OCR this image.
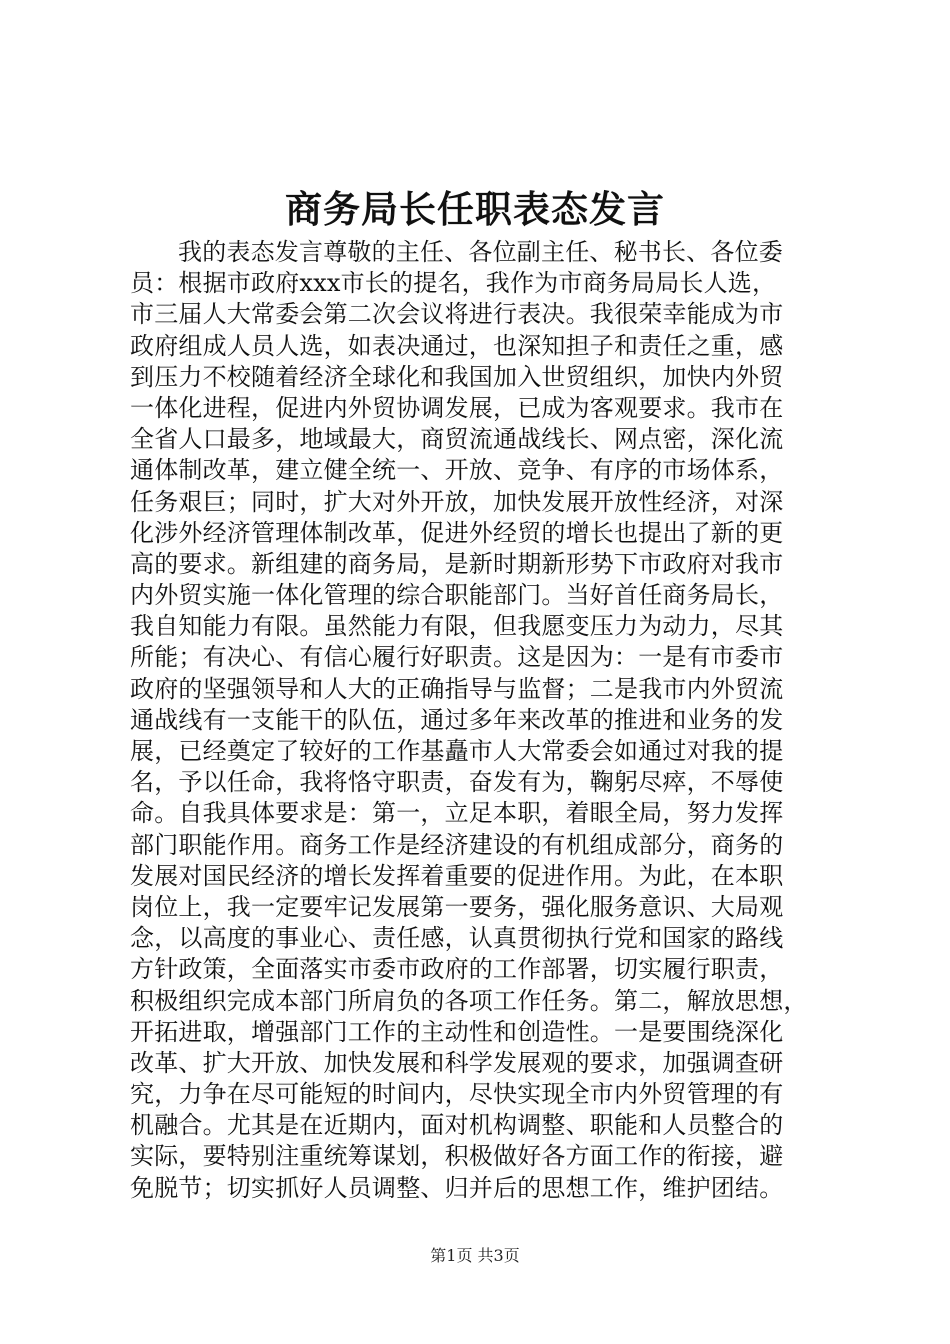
商务局长任职表态发言
我的表态发言尊敬的主任、各位副主任、秘书长、各位委
员：根据市政府xxx市长的提名，我作为市商务局局长人选，
市三届人大常委会第二次会议将进行表决。我很荣幸能成为市
政府组成人员人选，如表决通过，也深知担子和责任之重，感
到压力不校随着经济全球化和我国加入世贸组织，加快内外贸
一体化进程，促进内外贸协调发展，已成为客观要求。我市在
全省人口最多，地域最大，商贸流通战线长、网点密，深化流
通体制改革，建立健全统一、开放、竞争、有序的市场体系，
任务艰巨；同时，扩大对外开放，加快发展开放性经济，对深
化涉外经济管理体制改革，促进外经贸的增长也提出了新的更
高的要求。新组建的商务局，是新时期新形势下市政府对我市
内外贸实施一体化管理的综合职能部门。当好首任商务局长，
我自知能力有限。虽然能力有限，但我愿变压力为动力，尽其
所能；有决心、有信心履行好职责。这是因为：一是有市委市
政府的坚强领导和人大的正确指导与监督；二是我市内外贸流
通战线有一支能干的队伍，通过多年来改革的推进和业务的发
展，已经奠定了较好的工作基矗市人大常委会如通过对我的提
名，予以任命，我将恪守职责，奋发有为，鞠躬尽瘁，不辱使
命。自我具体要求是：第一，立足本职，着眼全局，努力发挥
部门职能作用。商务工作是经济建设的有机组成部分，商务的
发展对国民经济的增长发挥着重要的促进作用。为此，在本职
岗位上，我一定要牢记发展第一要务，强化服务意识、大局观
念，以高度的事业心、责任感，认真贯彻执行党和国家的路线
方针政策，全面落实市委市政府的工作部署，切实履行职责，
积极组织完成本部门所肩负的各项工作任务。第二，解放思想，
开拓进取，增强部门工作的主动性和创造性。一是要围绕深化
改革、扩大开放、加快发展和科学发展观的要求，加强调查研
究，力争在尽可能短的时间内，尽快实现全市内外贸管理的有
机融合。尤其是在近期内，面对机构调整、职能和人员整合的
实际，要特别注重统筹谋划，积极做好各方面工作的衔接，避
免脱节；切实抓好人员调整、归并后的思想工作，维护团结。
第1页 共3页
